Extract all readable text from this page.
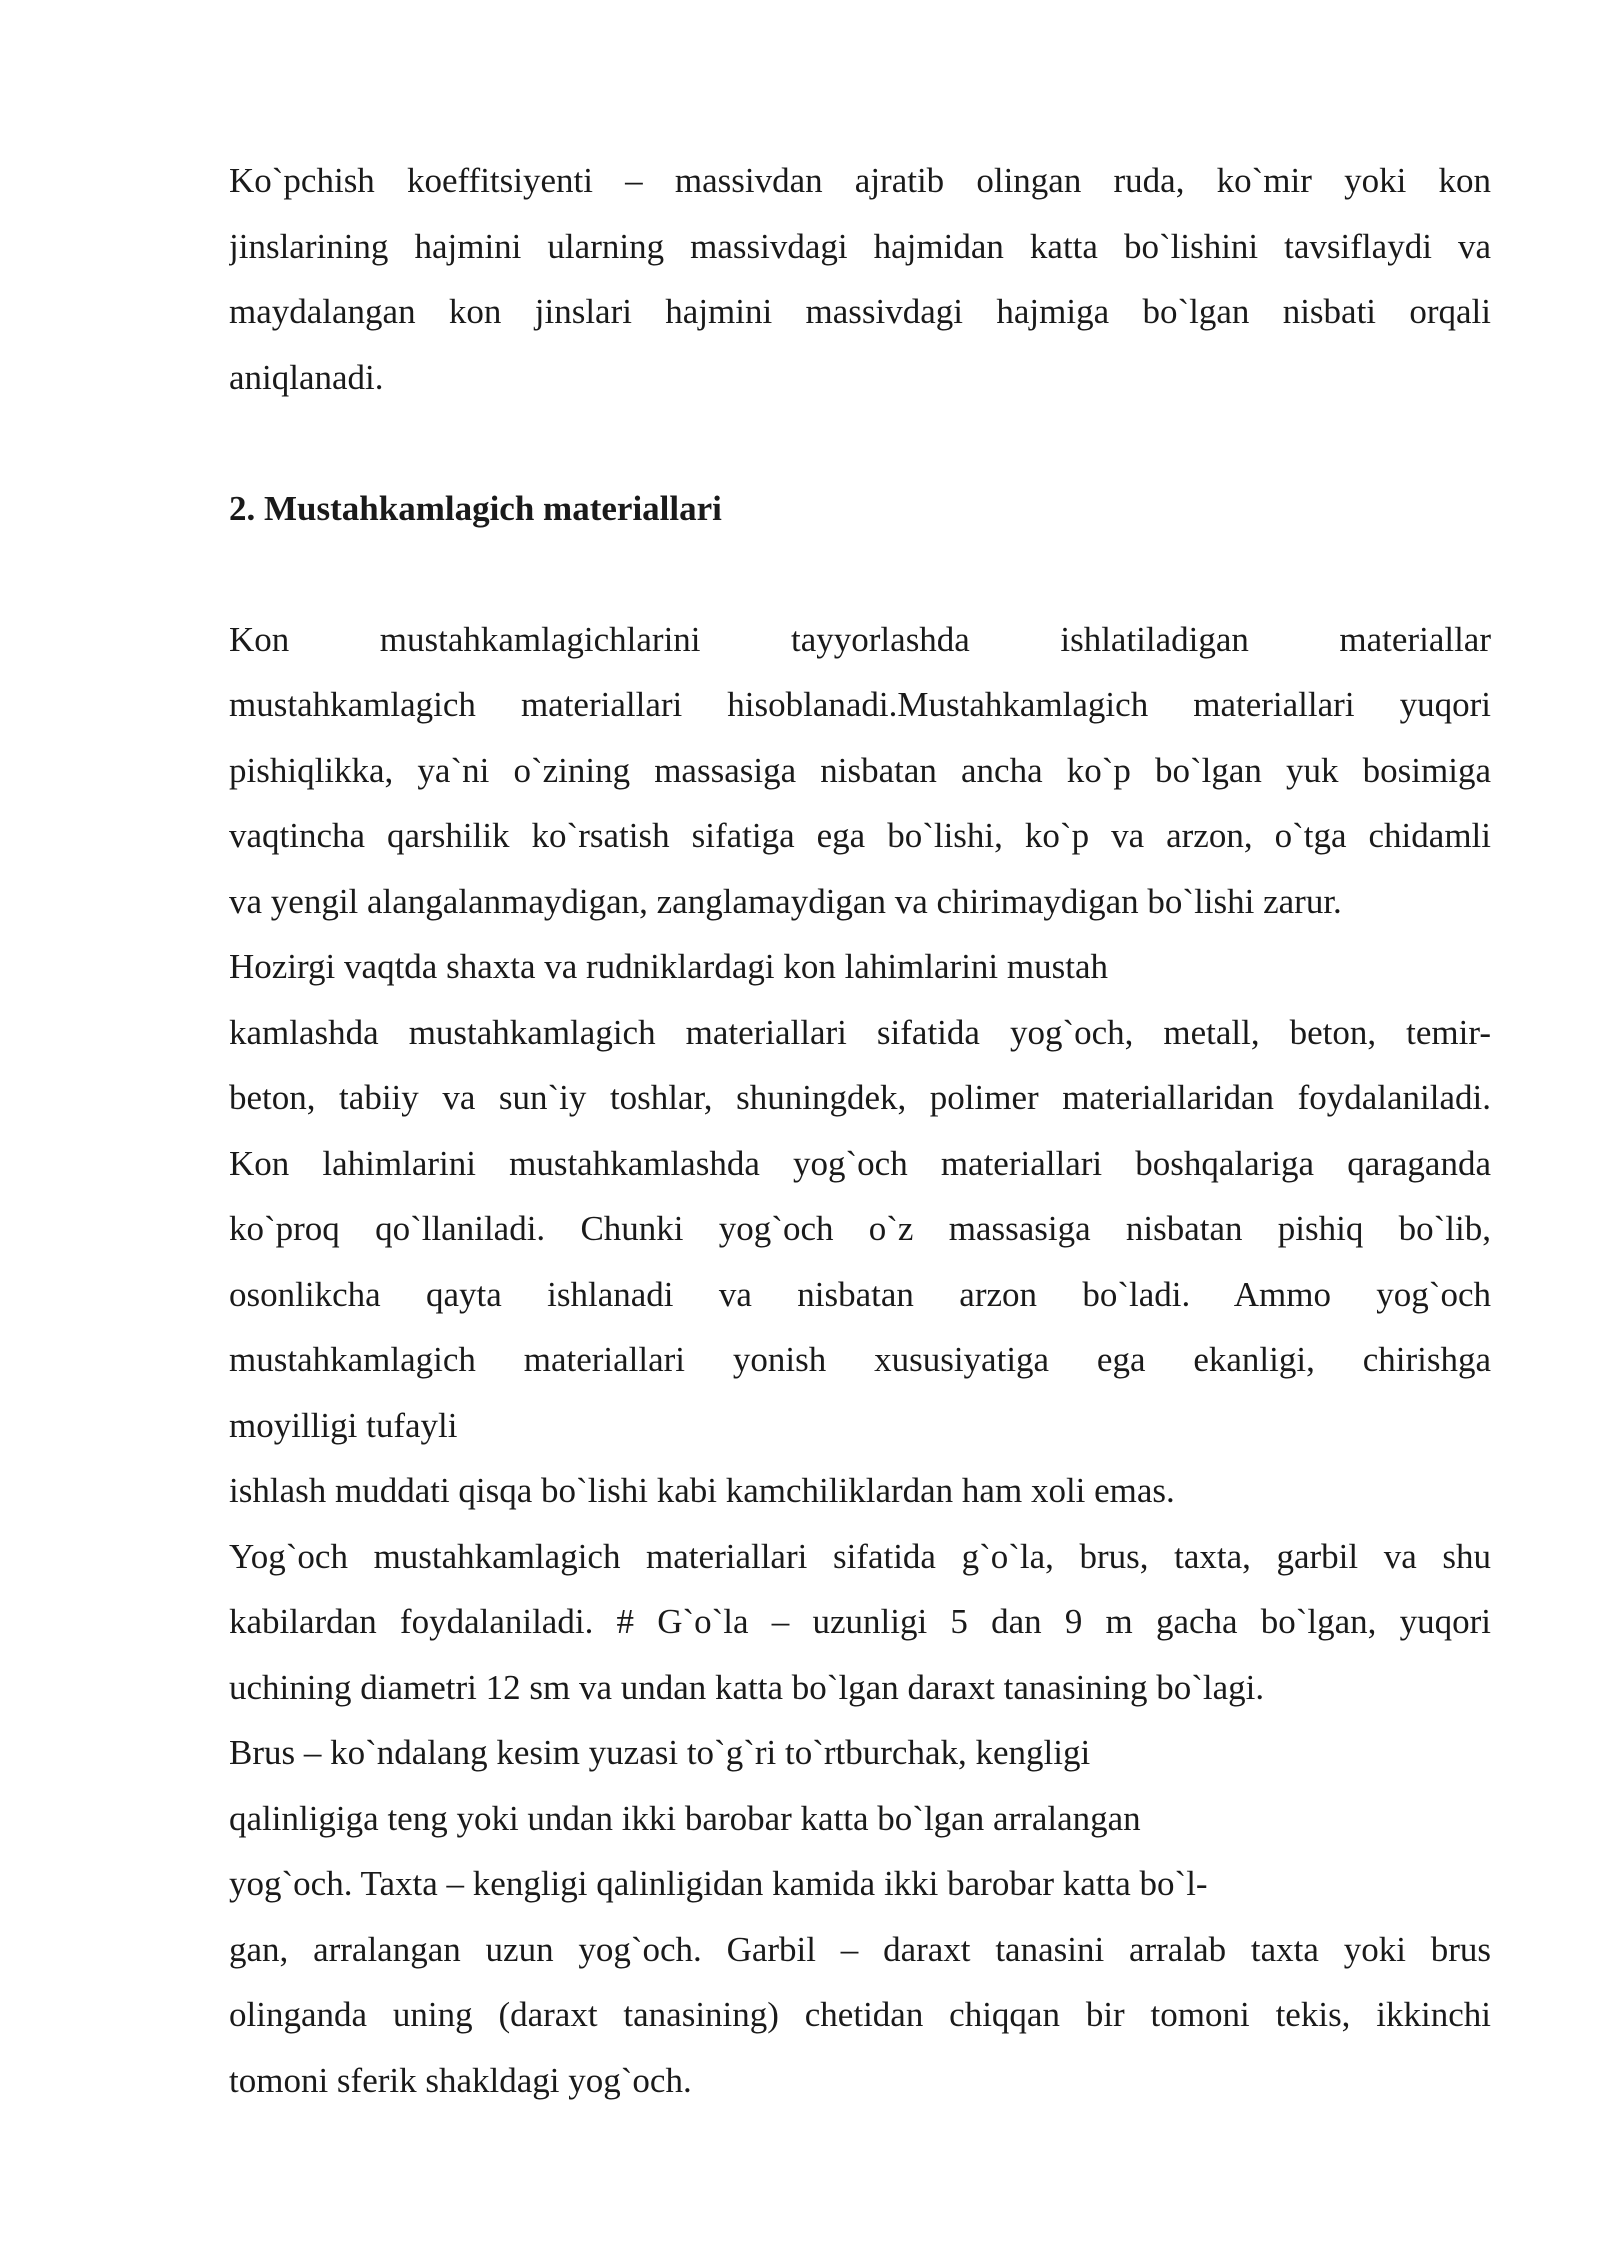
Ko`pchish koeffitsiyenti – massivdan ajratib olingan ruda, ko`mir yoki kon
jinslarining hajmini ularning massivdagi hajmidan katta bo`lishini tavsiflaydi va
maydalangan kon jinslari hajmini massivdagi hajmiga bo`lgan nisbati orqali
aniqlanadi.
2. Mustahkamlagich materiallari
Kon mustahkamlagichlarini tayyorlashda ishlatiladigan materiallar
mustahkamlagich materiallari hisoblanadi.Mustahkamlagich materiallari yuqori
pishiqlikka, ya`ni o`zining massasiga nisbatan ancha ko`p bo`lgan yuk bosimiga
vaqtincha qarshilik ko`rsatish sifatiga ega bo`lishi, ko`p va arzon, o`tga chidamli
va yengil alangalanmaydigan, zanglamaydigan va chirimaydigan bo`lishi zarur.
Hozirgi vaqtda shaxta va rudniklardagi kon lahimlarini mustah
kamlashda mustahkamlagich materiallari sifatida yog`och, metall, beton, temir-
beton, tabiiy va sun`iy toshlar, shuningdek, polimer materiallaridan foydalaniladi.
Kon lahimlarini mustahkamlashda yog`och materiallari boshqalariga qaraganda
ko`proq qo`llaniladi. Chunki yog`och o`z massasiga nisbatan pishiq bo`lib,
osonlikcha qayta ishlanadi va nisbatan arzon bo`ladi. Ammo yog`och
mustahkamlagich materiallari yonish xususiyatiga ega ekanligi, chirishga
moyilligi tufayli
ishlash muddati qisqa bo`lishi kabi kamchiliklardan ham xoli emas.
Yog`och mustahkamlagich materiallari sifatida g`o`la, brus, taxta, garbil va shu
kabilardan foydalaniladi. # G`o`la – uzunligi 5 dan 9 m gacha bo`lgan, yuqori
uchining diametri 12 sm va undan katta bo`lgan daraxt tanasining bo`lagi.
Brus – ko`ndalang kesim yuzasi to`g`ri to`rtburchak, kengligi
qalinligiga teng yoki undan ikki barobar katta bo`lgan arralangan
yog`och. Taxta – kengligi qalinligidan kamida ikki barobar katta bo`l-
gan, arralangan uzun yog`och. Garbil – daraxt tanasini arralab taxta yoki brus
olinganda uning (daraxt tanasining) chetidan chiqqan bir tomoni tekis, ikkinchi
tomoni sferik shakldagi yog`och.
